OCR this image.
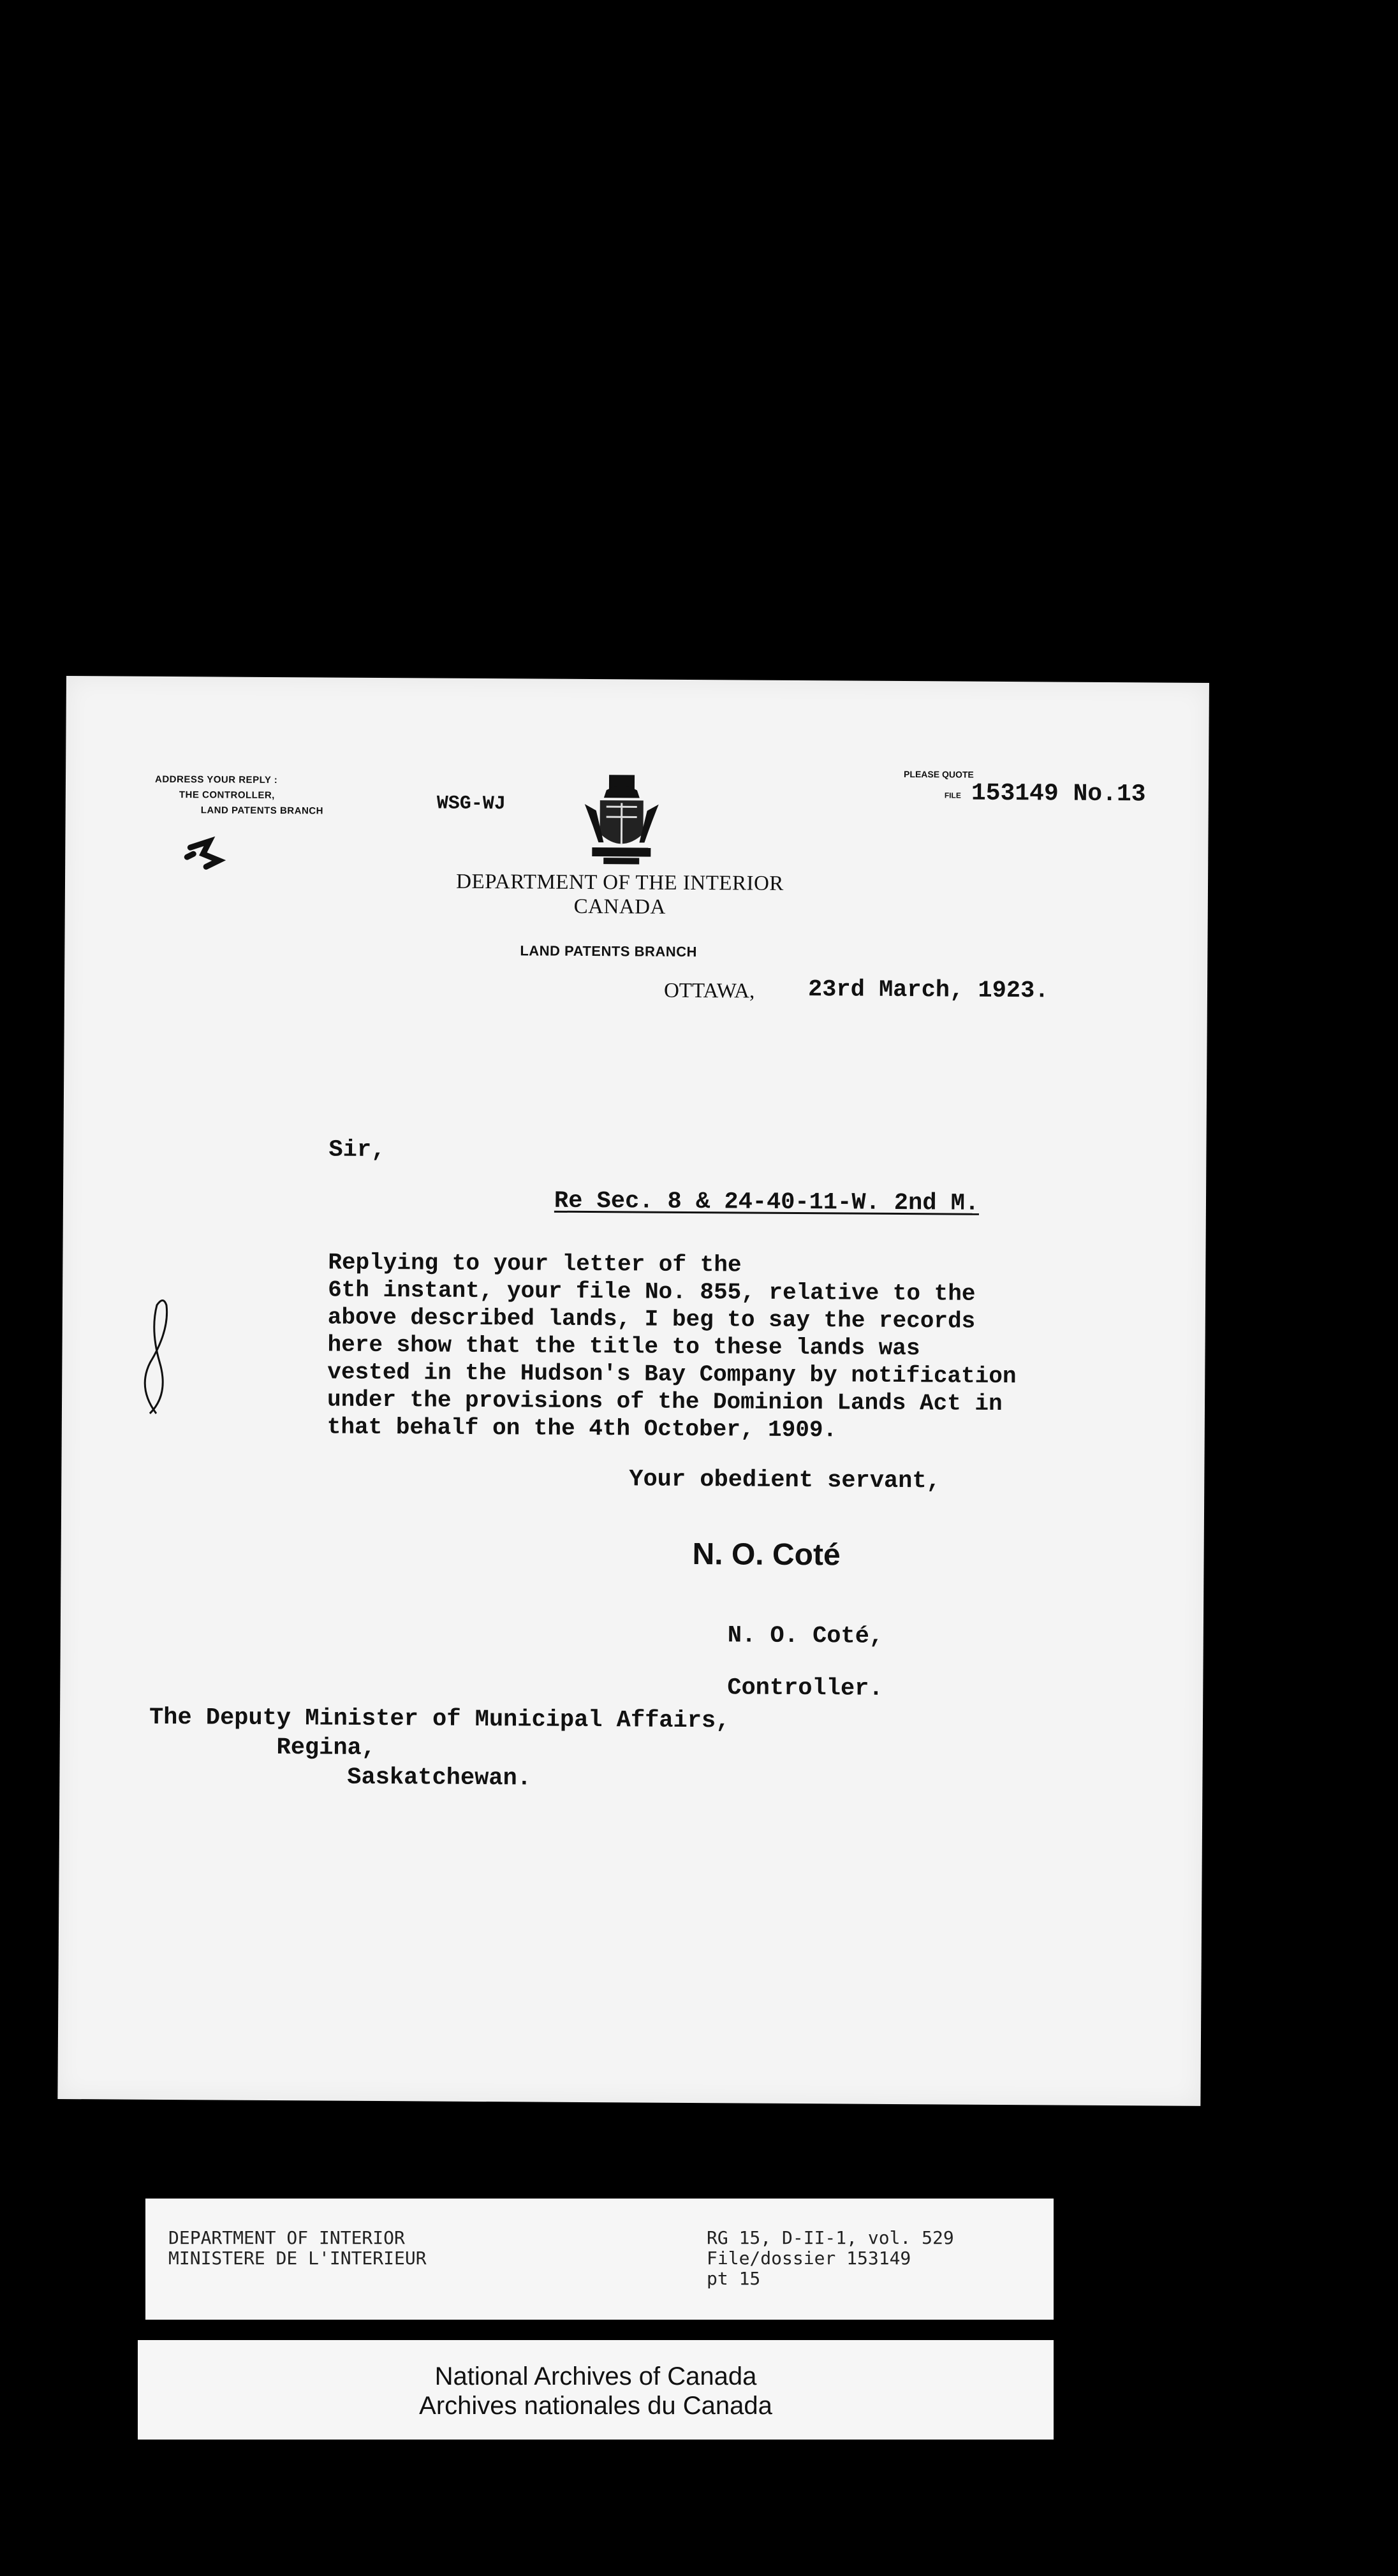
ADDRESS YOUR REPLY :
THE CONTROLLER,
LAND PATENTS BRANCH	WSG-WJ
PLEASE QUOTE
FILE 153149 No.13
DEPARTMENT OF THE INTERIOR
CANADA
LAND PATENTS BRANCH
OTTAWA, 23rd March, 1923.
Sir,
Re Sec. 8 & 24-40-11-W. 2nd M.
Replying to your letter of the
6th instant, your file No. 855, relative to the
above described lands, I beg to say the records
here show that the title to these lands was
vested in the Hudson's Bay Company by notification
under the provisions of the Dominion Lands Act in
that behalf on the 4th October, 1909.
Your obedient servant,
N. O. Coté
N. O. Coté,
Controller.
The Deputy Minister of Municipal Affairs,
Regina,
Saskatchewan.
DEPARTMENT OF INTERIOR
MINISTERE DE L'INTERIEUR
RG 15, D-II-1, vol. 529
File/dossier 153149
pt 15
National Archives of Canada
Archives nationales du Canada
